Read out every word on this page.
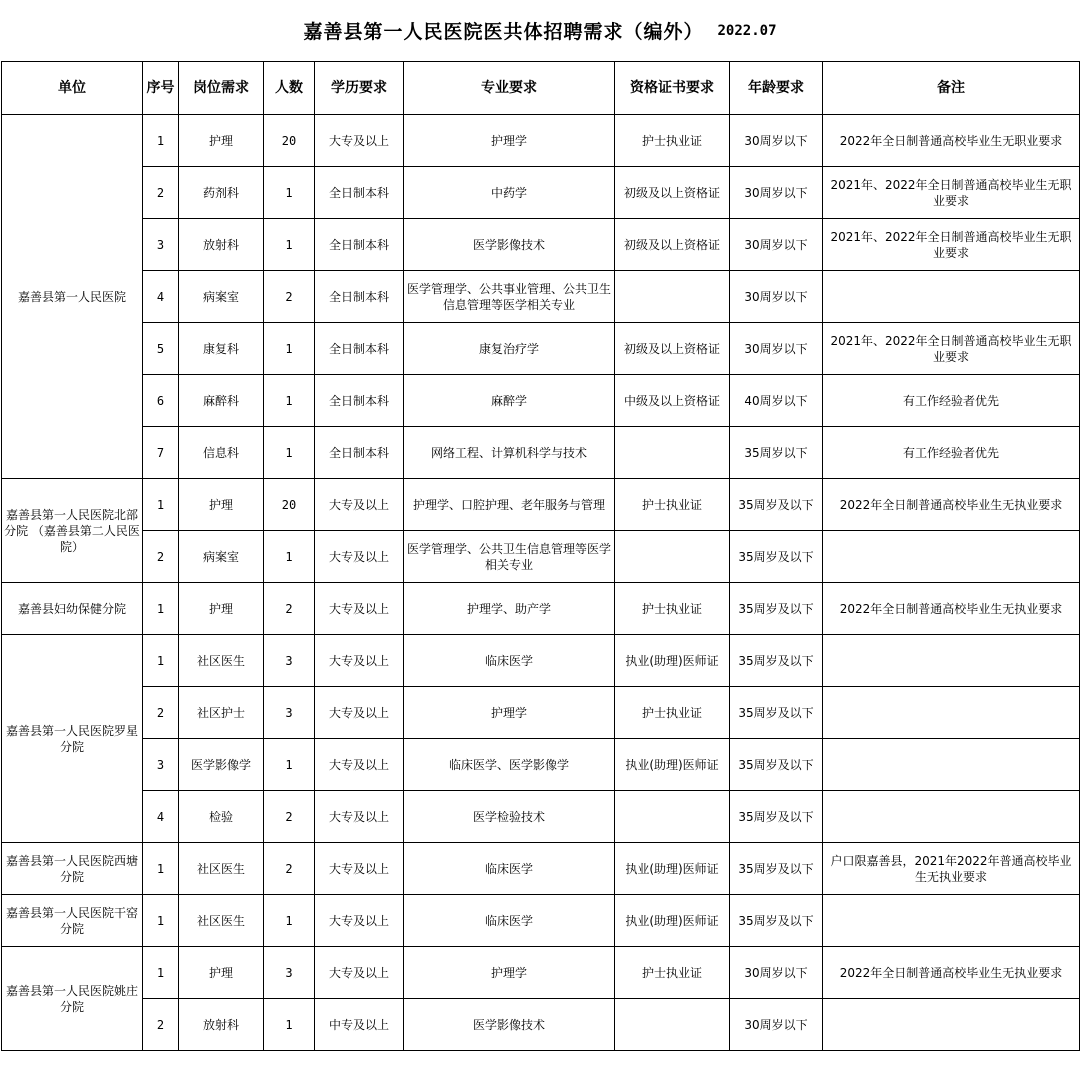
嘉善县第一人民医院医共体招聘需求（编外） 2022.07
单位	序号	岗位需求	人数	学历要求	专业要求	资格证书要求	年龄要求	备注
嘉善县第一人民医院	1	护理	20	大专及以上	护理学	护士执业证	30周岁以下	2022年全日制普通高校毕业生无职业要求
	2	药剂科	1	全日制本科	中药学	初级及以上资格证	30周岁以下	2021年、2022年全日制普通高校毕业生无职业要求
	3	放射科	1	全日制本科	医学影像技术	初级及以上资格证	30周岁以下	2021年、2022年全日制普通高校毕业生无职业要求
	4	病案室	2	全日制本科	医学管理学、公共事业管理、公共卫生信息管理等医学相关专业		30周岁以下	
	5	康复科	1	全日制本科	康复治疗学	初级及以上资格证	30周岁以下	2021年、2022年全日制普通高校毕业生无职业要求
	6	麻醉科	1	全日制本科	麻醉学	中级及以上资格证	40周岁以下	有工作经验者优先
	7	信息科	1	全日制本科	网络工程、计算机科学与技术		35周岁以下	有工作经验者优先
嘉善县第一人民医院北部分院 （嘉善县第二人民医院）	1	护理	20	大专及以上	护理学、口腔护理、老年服务与管理	护士执业证	35周岁及以下	2022年全日制普通高校毕业生无执业要求
	2	病案室	1	大专及以上	医学管理学、公共卫生信息管理等医学相关专业		35周岁及以下	
嘉善县妇幼保健分院	1	护理	2	大专及以上	护理学、助产学	护士执业证	35周岁及以下	2022年全日制普通高校毕业生无执业要求
嘉善县第一人民医院罗星分院	1	社区医生	3	大专及以上	临床医学	执业(助理)医师证	35周岁及以下	
	2	社区护士	3	大专及以上	护理学	护士执业证	35周岁及以下	
	3	医学影像学	1	大专及以上	临床医学、医学影像学	执业(助理)医师证	35周岁及以下	
	4	检验	2	大专及以上	医学检验技术		35周岁及以下	
嘉善县第一人民医院西塘分院	1	社区医生	2	大专及以上	临床医学	执业(助理)医师证	35周岁及以下	户口限嘉善县，2021年2022年普通高校毕业生无执业要求
嘉善县第一人民医院干窑分院	1	社区医生	1	大专及以上	临床医学	执业(助理)医师证	35周岁及以下	
嘉善县第一人民医院姚庄分院	1	护理	3	大专及以上	护理学	护士执业证	30周岁以下	2022年全日制普通高校毕业生无执业要求
	2	放射科	1	中专及以上	医学影像技术		30周岁以下	
